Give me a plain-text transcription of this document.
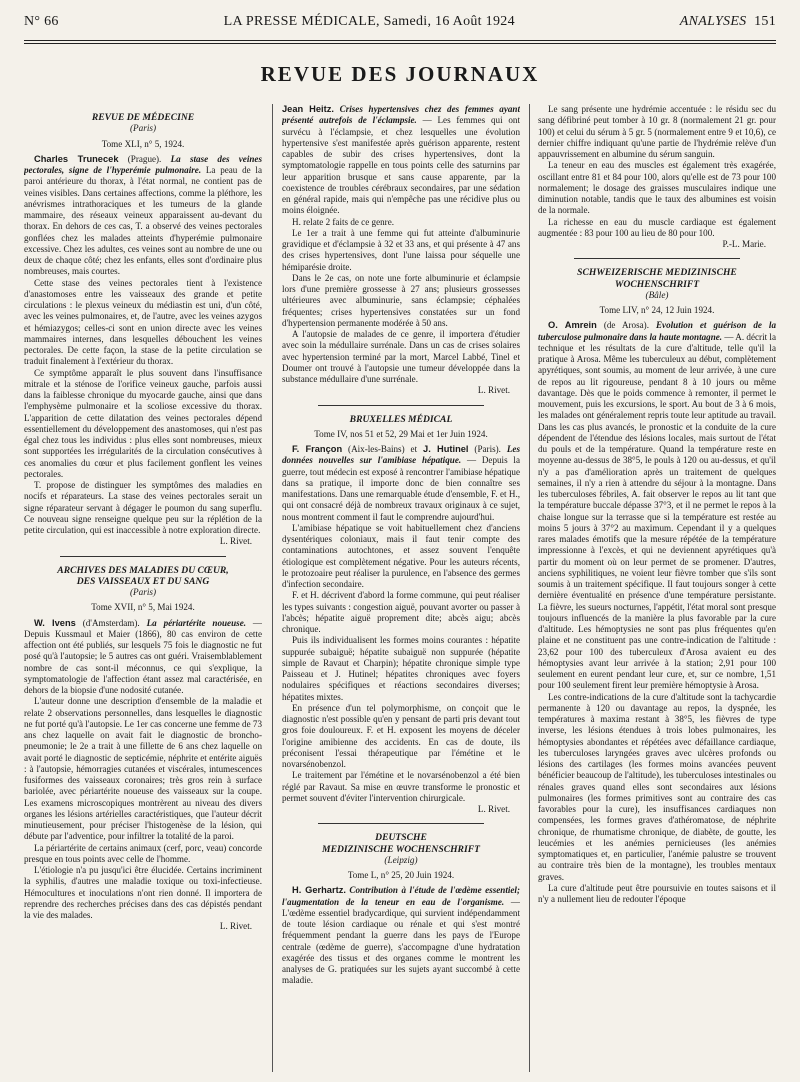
N° 66	LA PRESSE MÉDICALE, Samedi, 16 Août 1924	ANALYSES 151
REVUE DES JOURNAUX
REVUE DE MÉDECINE
(Paris)
Tome XLI, n° 5, 1924.

Charles Trunecek (Prague). La stase des veines pectorales, signe de l'hyperémie pulmonaire. La peau de la paroi antérieure du thorax, à l'état normal, ne contient pas de veines visibles. Dans certaines affections, comme la pléthore, les anévrismes intrathoraciques et les tumeurs de la glande mammaire, des réseaux veineux apparaissent au-devant du thorax. En dehors de ces cas, T. a observé des veines pectorales gonflées chez les malades atteints d'hyperémie pulmonaire excessive. Chez les adultes, ces veines sont au nombre de une ou deux de chaque côté; chez les enfants, elles sont d'ordinaire plus nombreuses, mais courtes.

Cette stase des veines pectorales tient à l'existence d'anastomoses entre les vaisseaux des grande et petite circulations : le plexus veineux du médiastin est uni, d'un côté, avec les veines pulmonaires, et, de l'autre, avec les veines azygos et hémiazygos; celles-ci sont en union directe avec les veines mammaires internes, dans lesquelles débouchent les veines pectorales. De cette façon, la stase de la petite circulation se traduit finalement à l'extérieur du thorax.

Ce symptôme apparaît le plus souvent dans l'insuffisance mitrale et la sténose de l'orifice veineux gauche, parfois aussi dans la faiblesse chronique du myocarde gauche, ainsi que dans l'emphysème pulmonaire et la scoliose excessive du thorax. L'apparition de cette dilatation des veines pectorales dépend essentiellement du développement des anastomoses, qui n'est pas égal chez tous les individus : plus elles sont nombreuses, mieux sont supportées les irrégularités de la circulation consécutives à ces anomalies du cœur et plus facilement gonflent les veines pectorales.

T. propose de distinguer les symptômes des maladies en nocifs et réparateurs. La stase des veines pectorales serait un signe réparateur servant à dégager le poumon du sang superflu. Ce nouveau signe renseigne quelque peu sur la réplétion de la petite circulation, qui est inaccessible à notre exploration directe.

L. Rivet.
ARCHIVES DES MALADIES DU CŒUR,
DES VAISSEAUX ET DU SANG
(Paris)
Tome XVII, n° 5, Mai 1924.

W. Ivens (d'Amsterdam). La périartérite noueuse. — Depuis Kussmaul et Maier (1866), 80 cas environ de cette affection ont été publiés, sur lesquels 75 fois le diagnostic ne fut posé qu'à l'autopsie; le 5 autres cas ont guéri. Vraisemblablement nombre de cas sont-il méconnus, ce qui s'explique, la symptomatologie de l'affection étant assez mal caractérisée, en dehors de la biopsie d'une nodosité cutanée.

L'auteur donne une description d'ensemble de la maladie et relate 2 observations personnelles, dans lesquelles le diagnostic ne fut porté qu'à l'autopsie. Le 1er cas concerne une femme de 73 ans chez laquelle on avait fait le diagnostic de broncho-pneumonie; le 2e a trait à une fillette de 6 ans chez laquelle on avait porté le diagnostic de septicémie, néphrite et entérite aiguës : à l'autopsie, hémorragies cutanées et viscérales, intumescences fusiformes des vaisseaux coronaires; très gros rein à surface bariolée, avec périartérite noueuse des vaisseaux sur la coupe. Les examens microscopiques montrèrent au niveau des divers organes les lésions artérielles caractéristiques, que l'auteur décrit minutieusement, pour préciser l'histogenèse de la lésion, qui débute par l'adventice, pour infiltrer la totalité de la paroi.

La périartérite de certains animaux (cerf, porc, veau) concorde presque en tous points avec celle de l'homme.

L'étiologie n'a pu jusqu'ici être élucidée. Certains incriminent la syphilis, d'autres une maladie toxique ou toxi-infectieuse. Hémocultures et inoculations n'ont rien donné. Il importera de reprendre des recherches précises dans des cas dépistés pendant la vie des malades.

L. Rivet.

Jean Heitz. Crises hypertensives chez des femmes ayant présenté autrefois de l'éclampsie. — Les femmes qui ont survécu à l'éclampsie, et chez lesquelles une évolution hypertensive s'est manifestée après guérison apparente, restent capables de subir des crises hypertensives, dont la symptomatologie rappelle en tous points celle des saturnins par leur apparition brusque et sans cause apparente, par la coexistence de troubles cérébraux secondaires, par une sédation en général rapide, mais qui n'empêche pas une récidive plus ou moins éloignée.

H. relate 2 faits de ce genre.

Le 1er a trait à une femme qui fut atteinte d'albuminurie gravidique et d'éclampsie à 32 et 33 ans, et qui présente à 47 ans des crises hypertensives, dont l'une laissa pour séquelle une hémiparésie droite.

Dans le 2e cas, on note une forte albuminurie et éclampsie lors d'une première grossesse à 27 ans; plusieurs grossesses ultérieures avec albuminurie, sans éclampsie; céphalées fréquentes; crises hypertensives constatées sur un fond d'hypertension permanente modérée à 50 ans.

A l'autopsie de malades de ce genre, il importera d'étudier avec soin la médullaire surrénale. Dans un cas de crises solaires avec hypertension terminé par la mort, Marcel Labbé, Tinel et Doumer ont trouvé à l'autopsie une tumeur développée dans la substance médullaire d'une surrénale.

L. Rivet.
BRUXELLES MÉDICAL
Tome IV, nos 51 et 52, 29 Mai et 1er Juin 1924.

F. Françon (Aix-les-Bains) et J. Hutinel (Paris). Les données nouvelles sur l'amibiase hépatique. — Depuis la guerre, tout médecin est exposé à rencontrer l'amibiase hépatique dans sa pratique, il importe donc de bien connaître ses manifestations. Dans une remarquable étude d'ensemble, F. et H., qui ont consacré déjà de nombreux travaux originaux à ce sujet, nous montrent comment il faut le comprendre aujourd'hui.

L'amibiase hépatique se voit habituellement chez d'anciens dysentériques coloniaux, mais il faut tenir compte des contaminations autochtones, et assez souvent l'enquête étiologique est complètement négative. Pour les auteurs récents, le protozoaire peut réaliser la purulence, en l'absence des germes d'infection secondaire.

F. et H. décrivent d'abord la forme commune, qui peut réaliser les types suivants : congestion aiguë, pouvant avorter ou passer à l'abcès; hépatite aiguë proprement dite; abcès aigu; abcès chronique.

Puis ils individualisent les formes moins courantes : hépatite suppurée subaiguë; hépatite subaiguë non suppurée (hépatite simple de Ravaut et Charpin); hépatite chronique simple type Paisseau et J. Hutinel; hépatites chroniques avec foyers nodulaires spécifiques et réactions secondaires diverses; hépatites mixtes.

En présence d'un tel polymorphisme, on conçoit que le diagnostic n'est possible qu'en y pensant de parti pris devant tout gros foie douloureux. F. et H. exposent les moyens de déceler l'origine amibienne des accidents. En cas de doute, ils préconisent l'essai thérapeutique par l'émétine et le novarsénobenzol.

Le traitement par l'émétine et le novarsénobenzol a été bien réglé par Ravaut. Sa mise en œuvre transforme le pronostic et permet souvent d'éviter l'intervention chirurgicale.

L. Rivet.
DEUTSCHE
MEDIZINISCHE WOCHENSCHRIFT
(Leipzig)
Tome L, n° 25, 20 Juin 1924.

H. Gerhartz. Contribution à l'étude de l'œdème essentiel; l'augmentation de la teneur en eau de l'organisme. — L'œdème essentiel bradycardique, qui survient indépendamment de toute lésion cardiaque ou rénale et qui s'est montré fréquemment pendant la guerre dans les pays de l'Europe centrale (œdème de guerre), s'accompagne d'une hydratation exagérée des tissus et des organes comme le montrent les analyses de G. pratiquées sur les sujets ayant succombé à cette maladie.

Le sang présente une hydrémie accentuée : le résidu sec du sang défibriné peut tomber à 10 gr. 8 (normalement 21 gr. pour 100) et celui du sérum à 5 gr. 5 (normalement entre 9 et 10,6), ce dernier chiffre indiquant qu'une partie de l'hydrémie relève d'un appauvrissement en albumine du sérum sanguin.

La teneur en eau des muscles est également très exagérée, oscillant entre 81 et 84 pour 100, alors qu'elle est de 73 pour 100 normalement; le dosage des graisses musculaires indique une diminution notable, tandis que le taux des albumines est voisin de la normale.

La richesse en eau du muscle cardiaque est également augmentée : 83 pour 100 au lieu de 80 pour 100.

P.-L. Marie.
SCHWEIZERISCHE MEDIZINISCHE
WOCHENSCHRIFT
(Bâle)
Tome LIV, n° 24, 12 Juin 1924.

O. Amrein (de Arosa). Evolution et guérison de la tuberculose pulmonaire dans la haute montagne. — A. décrit la technique et les résultats de la cure d'altitude, telle qu'il la pratique à Arosa. Même les tuberculeux au début, complètement apyrétiques, sont soumis, au moment de leur arrivée, à une cure de repos au lit rigoureuse, pendant 8 à 10 jours ou même davantage. Dès que le poids commence à remonter, il permet le mouvement, puis les excursions, le sport. Au bout de 3 à 6 mois, les malades ont généralement repris toute leur aptitude au travail. Dans les cas plus avancés, le pronostic et la conduite de la cure dépendent de l'étendue des lésions locales, mais surtout de l'état du pouls et de la température. Quand la température reste en moyenne au-dessus de 38°5, le pouls à 120 ou au-dessus, et qu'il n'y a pas d'amélioration après un traitement de quelques semaines, il n'y a rien à attendre du séjour à la montagne. Dans les tuberculoses fébriles, A. fait observer le repos au lit tant que la température buccale dépasse 37°3, et il ne permet le repos à la chaise longue sur la terrasse que si la température est restée au moins 5 jours à 37°2 au maximum. Cependant il y a quelques rares malades émotifs que la mesure répétée de la température impressionne à l'excès, et qui ne deviennent apyrétiques qu'à partir du moment où on leur permet de se promener. D'autres, anciens syphilitiques, ne voient leur fièvre tomber que s'ils sont soumis à un traitement spécifique. Il faut toujours songer à cette dernière éventualité en présence d'une température persistante. La fièvre, les sueurs nocturnes, l'appétit, l'état moral sont presque toujours influencés de la manière la plus favorable par la cure d'altitude. Les hémoptysies ne sont pas plus fréquentes qu'en plaine et ne constituent pas une contre-indication de l'altitude : 23,62 pour 100 des tuberculeux d'Arosa avaient eu des hémoptysies avant leur arrivée à la station; 2,91 pour 100 seulement en eurent pendant leur cure, et, sur ce nombre, 1,51 pour 100 seulement firent leur première hémoptysie à Arosa.

Les contre-indications de la cure d'altitude sont la tachycardie permanente à 120 ou davantage au repos, la dyspnée, les températures à maxima restant à 38°5, les fièvres de type inverse, les lésions étendues à trois lobes pulmonaires, les hémoptysies abondantes et répétées avec défaillance cardiaque, les tuberculoses laryngées graves avec ulcères profonds ou lésions des cartilages (les formes moins avancées peuvent bénéficier beaucoup de l'altitude), les tuberculoses intestinales ou rénales graves quand elles sont secondaires aux lésions pulmonaires (les formes primitives sont au contraire des cas favorables pour la cure), les insuffisances cardiaques non compensées, les formes graves d'athéromatose, de néphrite chronique, de rhumatisme chronique, de diabète, de goutte, les leucémies et les anémies pernicieuses (les anémies symptomatiques et, en particulier, l'anémie palustre se trouvent au contraire très bien de la montagne), les troubles mentaux graves.

La cure d'altitude peut être poursuivie en toutes saisons et il n'y a nullement lieu de redouter l'époque
